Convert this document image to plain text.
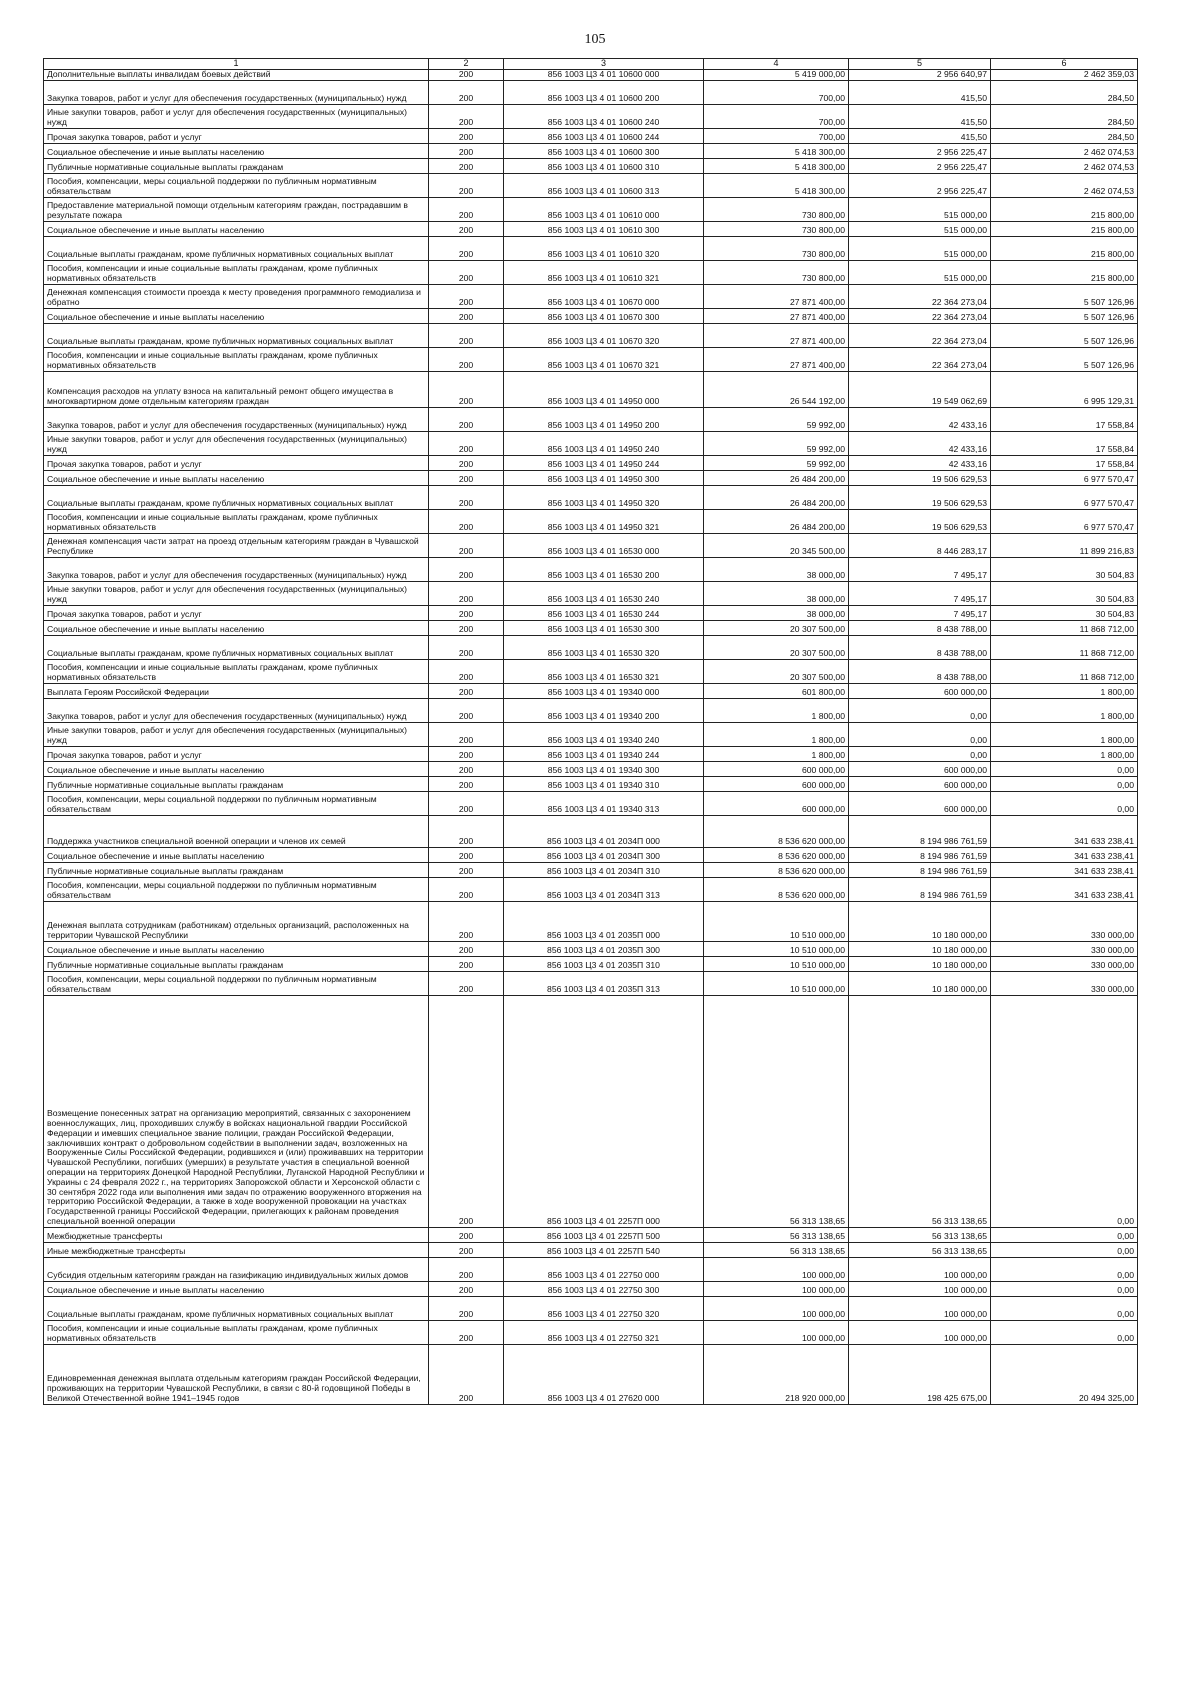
105
1	2	3	4	5	6
Дополнительные выплаты инвалидам боевых действий	200	856 1003 Ц3 4 01 10600 000	5 419 000,00	2 956 640,97	2 462 359,03
Закупка товаров, работ и услуг для обеспечения государственных (муниципальных) нужд	200	856 1003 Ц3 4 01 10600 200	700,00	415,50	284,50
Иные закупки товаров, работ и услуг для обеспечения государственных (муниципальных) нужд	200	856 1003 Ц3 4 01 10600 240	700,00	415,50	284,50
Прочая закупка товаров, работ и услуг	200	856 1003 Ц3 4 01 10600 244	700,00	415,50	284,50
Социальное обеспечение и иные выплаты населению	200	856 1003 Ц3 4 01 10600 300	5 418 300,00	2 956 225,47	2 462 074,53
Публичные нормативные социальные выплаты гражданам	200	856 1003 Ц3 4 01 10600 310	5 418 300,00	2 956 225,47	2 462 074,53
Пособия, компенсации, меры социальной поддержки по публичным нормативным обязательствам	200	856 1003 Ц3 4 01 10600 313	5 418 300,00	2 956 225,47	2 462 074,53
Предоставление материальной помощи отдельным категориям граждан, пострадавшим в результате пожара	200	856 1003 Ц3 4 01 10610 000	730 800,00	515 000,00	215 800,00
Социальное обеспечение и иные выплаты населению	200	856 1003 Ц3 4 01 10610 300	730 800,00	515 000,00	215 800,00
Социальные выплаты гражданам, кроме публичных нормативных социальных выплат	200	856 1003 Ц3 4 01 10610 320	730 800,00	515 000,00	215 800,00
Пособия, компенсации и иные социальные выплаты гражданам, кроме публичных нормативных обязательств	200	856 1003 Ц3 4 01 10610 321	730 800,00	515 000,00	215 800,00
Денежная компенсация стоимости проезда к месту проведения программного гемодиализа и обратно	200	856 1003 Ц3 4 01 10670 000	27 871 400,00	22 364 273,04	5 507 126,96
Социальное обеспечение и иные выплаты населению	200	856 1003 Ц3 4 01 10670 300	27 871 400,00	22 364 273,04	5 507 126,96
Социальные выплаты гражданам, кроме публичных нормативных социальных выплат	200	856 1003 Ц3 4 01 10670 320	27 871 400,00	22 364 273,04	5 507 126,96
Пособия, компенсации и иные социальные выплаты гражданам, кроме публичных нормативных обязательств	200	856 1003 Ц3 4 01 10670 321	27 871 400,00	22 364 273,04	5 507 126,96
Компенсация расходов на уплату взноса на капитальный ремонт общего имущества в многоквартирном доме отдельным категориям граждан	200	856 1003 Ц3 4 01 14950 000	26 544 192,00	19 549 062,69	6 995 129,31
Закупка товаров, работ и услуг для обеспечения государственных (муниципальных) нужд	200	856 1003 Ц3 4 01 14950 200	59 992,00	42 433,16	17 558,84
Иные закупки товаров, работ и услуг для обеспечения государственных (муниципальных) нужд	200	856 1003 Ц3 4 01 14950 240	59 992,00	42 433,16	17 558,84
Прочая закупка товаров, работ и услуг	200	856 1003 Ц3 4 01 14950 244	59 992,00	42 433,16	17 558,84
Социальное обеспечение и иные выплаты населению	200	856 1003 Ц3 4 01 14950 300	26 484 200,00	19 506 629,53	6 977 570,47
Социальные выплаты гражданам, кроме публичных нормативных социальных выплат	200	856 1003 Ц3 4 01 14950 320	26 484 200,00	19 506 629,53	6 977 570,47
Пособия, компенсации и иные социальные выплаты гражданам, кроме публичных нормативных обязательств	200	856 1003 Ц3 4 01 14950 321	26 484 200,00	19 506 629,53	6 977 570,47
Денежная компенсация части затрат на проезд отдельным категориям граждан в Чувашской Республике	200	856 1003 Ц3 4 01 16530 000	20 345 500,00	8 446 283,17	11 899 216,83
Закупка товаров, работ и услуг для обеспечения государственных (муниципальных) нужд	200	856 1003 Ц3 4 01 16530 200	38 000,00	7 495,17	30 504,83
Иные закупки товаров, работ и услуг для обеспечения государственных (муниципальных) нужд	200	856 1003 Ц3 4 01 16530 240	38 000,00	7 495,17	30 504,83
Прочая закупка товаров, работ и услуг	200	856 1003 Ц3 4 01 16530 244	38 000,00	7 495,17	30 504,83
Социальное обеспечение и иные выплаты населению	200	856 1003 Ц3 4 01 16530 300	20 307 500,00	8 438 788,00	11 868 712,00
Социальные выплаты гражданам, кроме публичных нормативных социальных выплат	200	856 1003 Ц3 4 01 16530 320	20 307 500,00	8 438 788,00	11 868 712,00
Пособия, компенсации и иные социальные выплаты гражданам, кроме публичных нормативных обязательств	200	856 1003 Ц3 4 01 16530 321	20 307 500,00	8 438 788,00	11 868 712,00
Выплата Героям Российской Федерации	200	856 1003 Ц3 4 01 19340 000	601 800,00	600 000,00	1 800,00
Закупка товаров, работ и услуг для обеспечения государственных (муниципальных) нужд	200	856 1003 Ц3 4 01 19340 200	1 800,00	0,00	1 800,00
Иные закупки товаров, работ и услуг для обеспечения государственных (муниципальных) нужд	200	856 1003 Ц3 4 01 19340 240	1 800,00	0,00	1 800,00
Прочая закупка товаров, работ и услуг	200	856 1003 Ц3 4 01 19340 244	1 800,00	0,00	1 800,00
Социальное обеспечение и иные выплаты населению	200	856 1003 Ц3 4 01 19340 300	600 000,00	600 000,00	0,00
Публичные нормативные социальные выплаты гражданам	200	856 1003 Ц3 4 01 19340 310	600 000,00	600 000,00	0,00
Пособия, компенсации, меры социальной поддержки по публичным нормативным обязательствам	200	856 1003 Ц3 4 01 19340 313	600 000,00	600 000,00	0,00
Поддержка участников специальной военной операции и членов их семей	200	856 1003 Ц3 4 01 2034П 000	8 536 620 000,00	8 194 986 761,59	341 633 238,41
Социальное обеспечение и иные выплаты населению	200	856 1003 Ц3 4 01 2034П 300	8 536 620 000,00	8 194 986 761,59	341 633 238,41
Публичные нормативные социальные выплаты гражданам	200	856 1003 Ц3 4 01 2034П 310	8 536 620 000,00	8 194 986 761,59	341 633 238,41
Пособия, компенсации, меры социальной поддержки по публичным нормативным обязательствам	200	856 1003 Ц3 4 01 2034П 313	8 536 620 000,00	8 194 986 761,59	341 633 238,41
Денежная выплата сотрудникам (работникам) отдельных организаций, расположенных на территории Чувашской Республики	200	856 1003 Ц3 4 01 2035П 000	10 510 000,00	10 180 000,00	330 000,00
Социальное обеспечение и иные выплаты населению	200	856 1003 Ц3 4 01 2035П 300	10 510 000,00	10 180 000,00	330 000,00
Публичные нормативные социальные выплаты гражданам	200	856 1003 Ц3 4 01 2035П 310	10 510 000,00	10 180 000,00	330 000,00
Пособия, компенсации, меры социальной поддержки по публичным нормативным обязательствам	200	856 1003 Ц3 4 01 2035П 313	10 510 000,00	10 180 000,00	330 000,00
Возмещение понесенных затрат на организацию мероприятий, связанных с захоронением военнослужащих, лиц, проходивших службу в войсках национальной гвардии Российской Федерации и имевших специальное звание полиции, граждан Российской Федерации, заключивших контракт о добровольном содействии в выполнении задач, возложенных на Вооруженные Силы Российской Федерации, родившихся и (или) проживавших на территории Чувашской Республики, погибших (умерших) в результате участия в специальной военной операции на территориях Донецкой Народной Республики, Луганской Народной Республики и Украины с 24 февраля 2022 г., на территориях Запорожской области и Херсонской области с 30 сентября 2022 года или выполнения ими задач по отражению вооруженного вторжения на территорию Российской Федерации, а также в ходе вооруженной провокации на участках Государственной границы Российской Федерации, прилегающих к районам проведения специальной военной операции	200	856 1003 Ц3 4 01 2257П 000	56 313 138,65	56 313 138,65	0,00
Межбюджетные трансферты	200	856 1003 Ц3 4 01 2257П 500	56 313 138,65	56 313 138,65	0,00
Иные межбюджетные трансферты	200	856 1003 Ц3 4 01 2257П 540	56 313 138,65	56 313 138,65	0,00
Субсидия отдельным категориям граждан на газификацию индивидуальных жилых домов	200	856 1003 Ц3 4 01 22750 000	100 000,00	100 000,00	0,00
Социальное обеспечение и иные выплаты населению	200	856 1003 Ц3 4 01 22750 300	100 000,00	100 000,00	0,00
Социальные выплаты гражданам, кроме публичных нормативных социальных выплат	200	856 1003 Ц3 4 01 22750 320	100 000,00	100 000,00	0,00
Пособия, компенсации и иные социальные выплаты гражданам, кроме публичных нормативных обязательств	200	856 1003 Ц3 4 01 22750 321	100 000,00	100 000,00	0,00
Единовременная денежная выплата отдельным категориям граждан Российской Федерации, проживающих на территории Чувашской Республики, в связи с 80-й годовщиной Победы в Великой Отечественной войне 1941–1945 годов	200	856 1003 Ц3 4 01 27620 000	218 920 000,00	198 425 675,00	20 494 325,00
